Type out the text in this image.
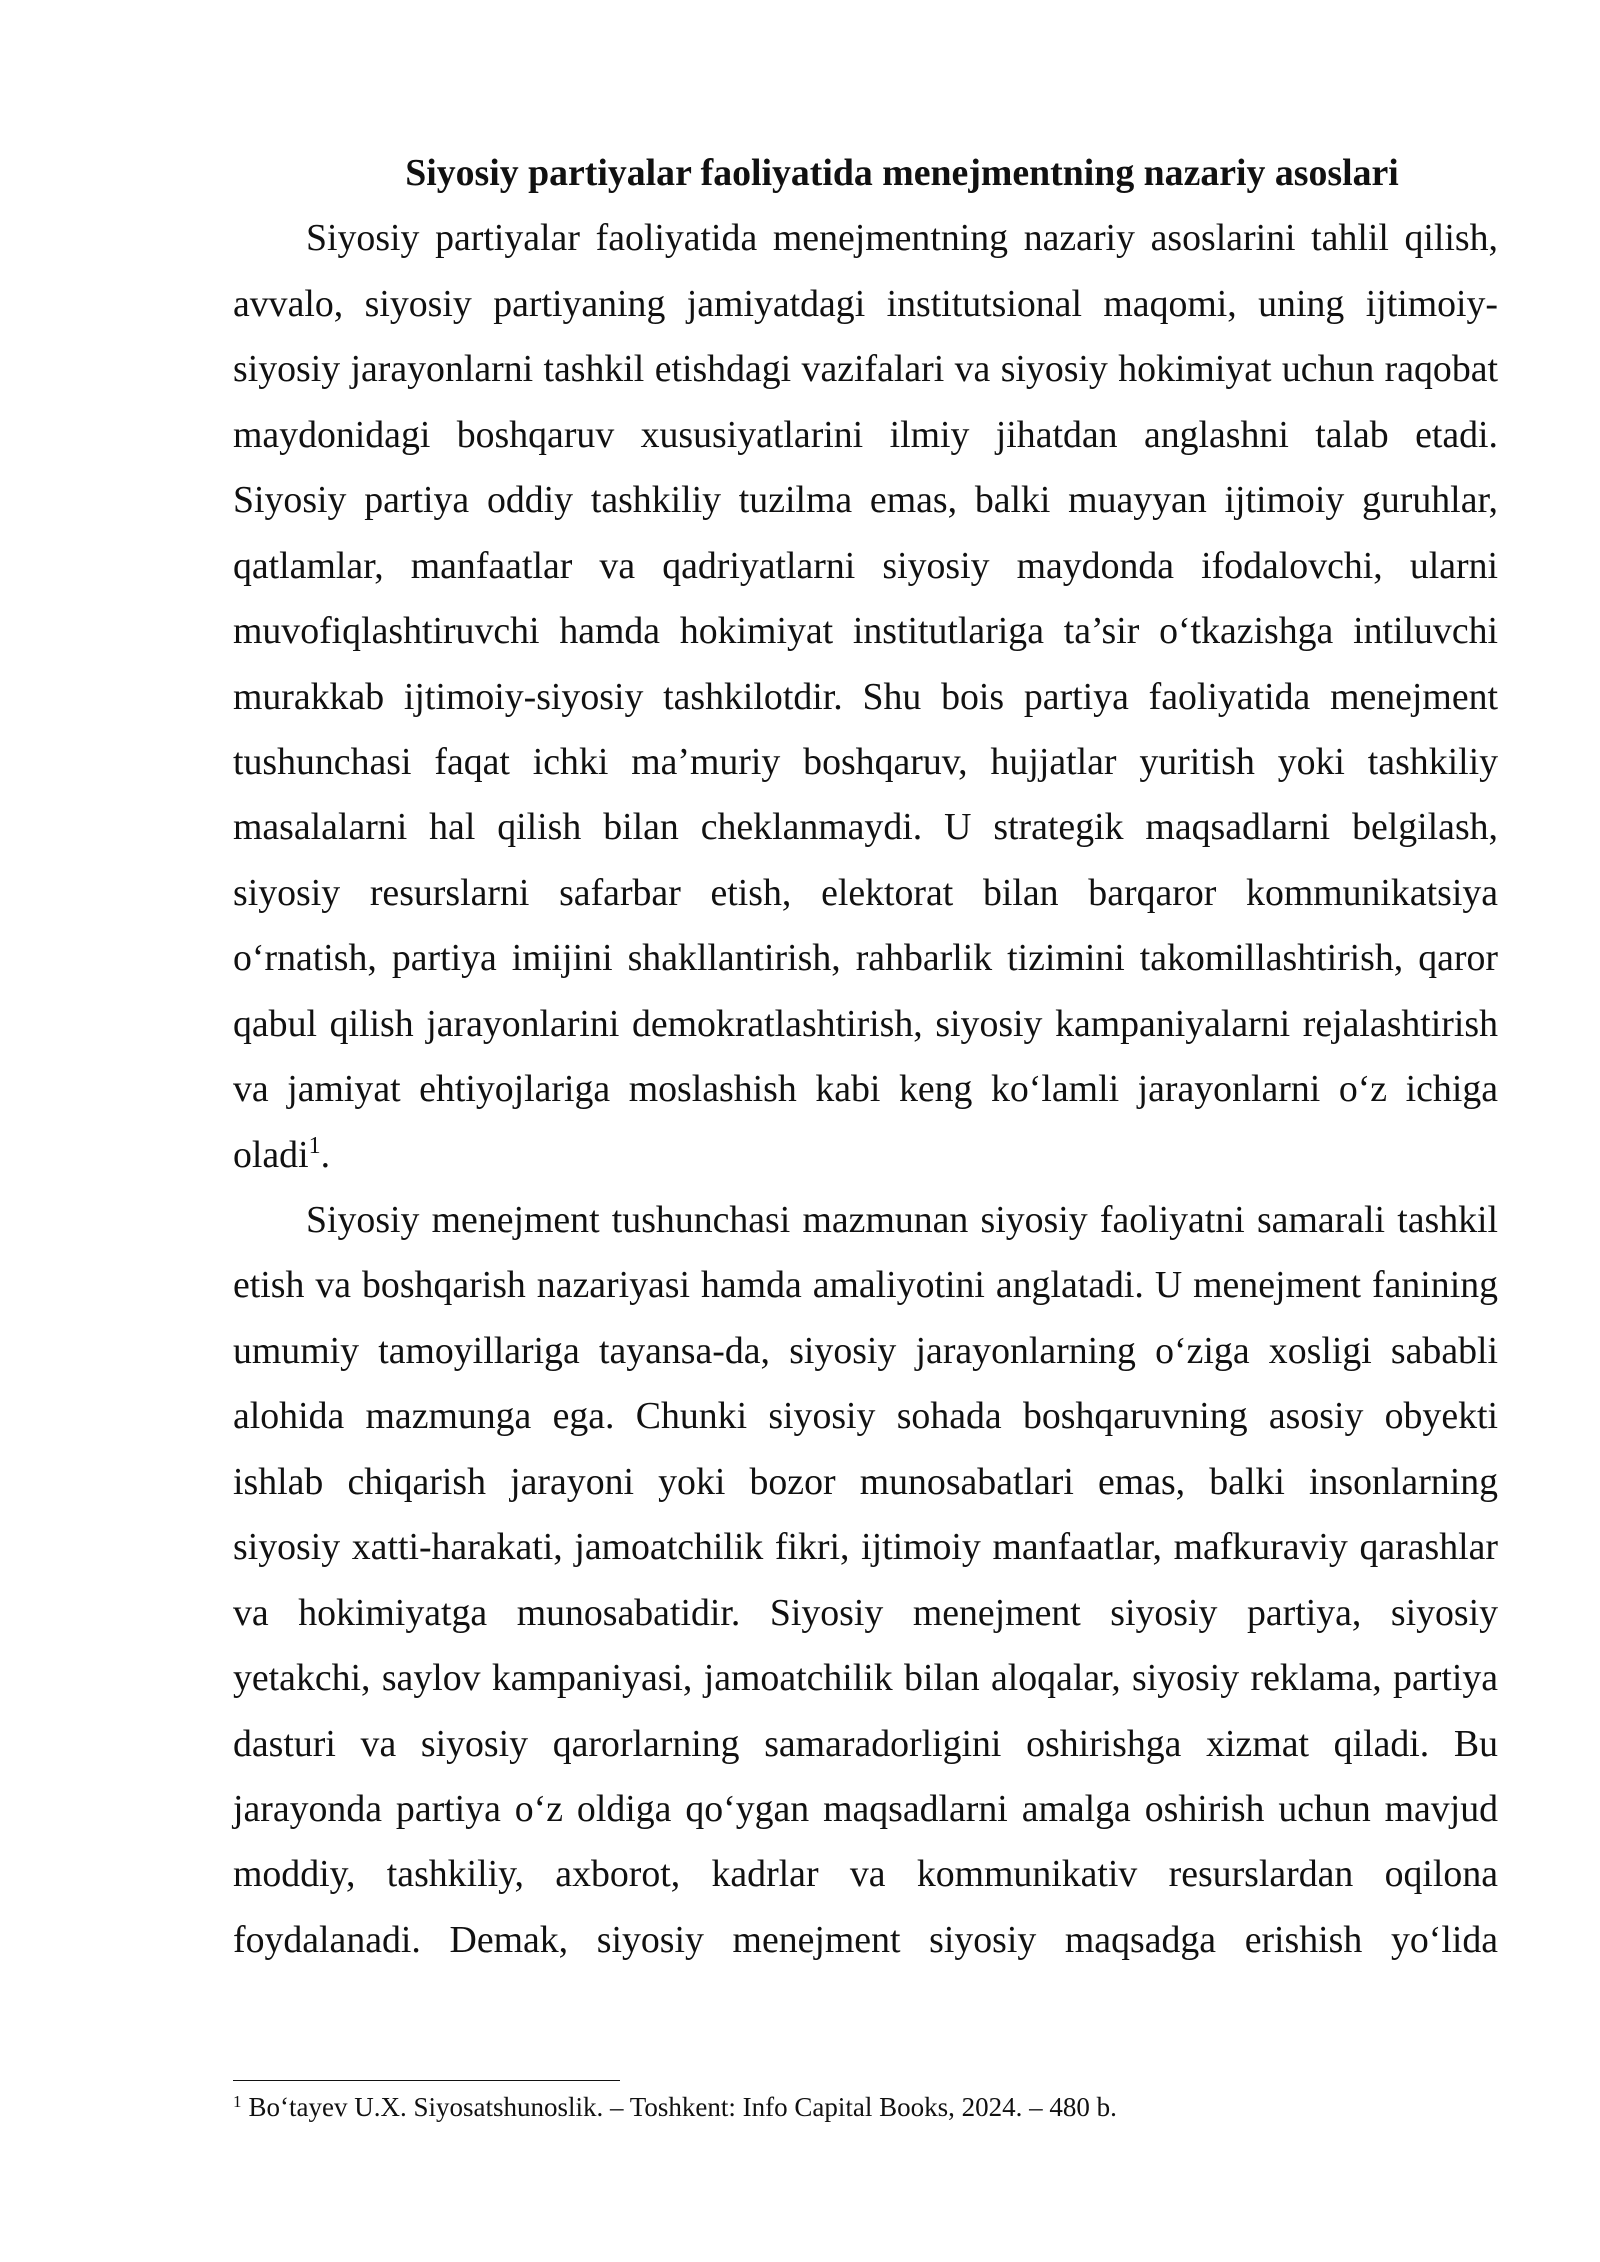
Siyosiy partiyalar faoliyatida menejmentning nazariy asoslari
Siyosiy partiyalar faoliyatida menejmentning nazariy asoslarini tahlil qilish,
avvalo, siyosiy partiyaning jamiyatdagi institutsional maqomi, uning ijtimoiy-
siyosiy jarayonlarni tashkil etishdagi vazifalari va siyosiy hokimiyat uchun raqobat
maydonidagi boshqaruv xususiyatlarini ilmiy jihatdan anglashni talab etadi.
Siyosiy partiya oddiy tashkiliy tuzilma emas, balki muayyan ijtimoiy guruhlar,
qatlamlar, manfaatlar va qadriyatlarni siyosiy maydonda ifodalovchi, ularni
muvofiqlashtiruvchi hamda hokimiyat institutlariga ta’sir o‘tkazishga intiluvchi
murakkab ijtimoiy-siyosiy tashkilotdir. Shu bois partiya faoliyatida menejment
tushunchasi faqat ichki ma’muriy boshqaruv, hujjatlar yuritish yoki tashkiliy
masalalarni hal qilish bilan cheklanmaydi. U strategik maqsadlarni belgilash,
siyosiy resurslarni safarbar etish, elektorat bilan barqaror kommunikatsiya
o‘rnatish, partiya imijini shakllantirish, rahbarlik tizimini takomillashtirish, qaror
qabul qilish jarayonlarini demokratlashtirish, siyosiy kampaniyalarni rejalashtirish
va jamiyat ehtiyojlariga moslashish kabi keng ko‘lamli jarayonlarni o‘z ichiga
oladi$^1$.
Siyosiy menejment tushunchasi mazmunan siyosiy faoliyatni samarali tashkil
etish va boshqarish nazariyasi hamda amaliyotini anglatadi. U menejment fanining
umumiy tamoyillariga tayansa-da, siyosiy jarayonlarning o‘ziga xosligi sababli
alohida mazmunga ega. Chunki siyosiy sohada boshqaruvning asosiy obyekti
ishlab chiqarish jarayoni yoki bozor munosabatlari emas, balki insonlarning
siyosiy xatti-harakati, jamoatchilik fikri, ijtimoiy manfaatlar, mafkuraviy qarashlar
va hokimiyatga munosabatidir. Siyosiy menejment siyosiy partiya, siyosiy
yetakchi, saylov kampaniyasi, jamoatchilik bilan aloqalar, siyosiy reklama, partiya
dasturi va siyosiy qarorlarning samaradorligini oshirishga xizmat qiladi. Bu
jarayonda partiya o‘z oldiga qo‘ygan maqsadlarni amalga oshirish uchun mavjud
moddiy, tashkiliy, axborot, kadrlar va kommunikativ resurslardan oqilona
foydalanadi. Demak, siyosiy menejment siyosiy maqsadga erishish yo‘lida
$^1$ Bo‘tayev U.X. Siyosatshunoslik. – Toshkent: Info Capital Books, 2024. – 480 b.
